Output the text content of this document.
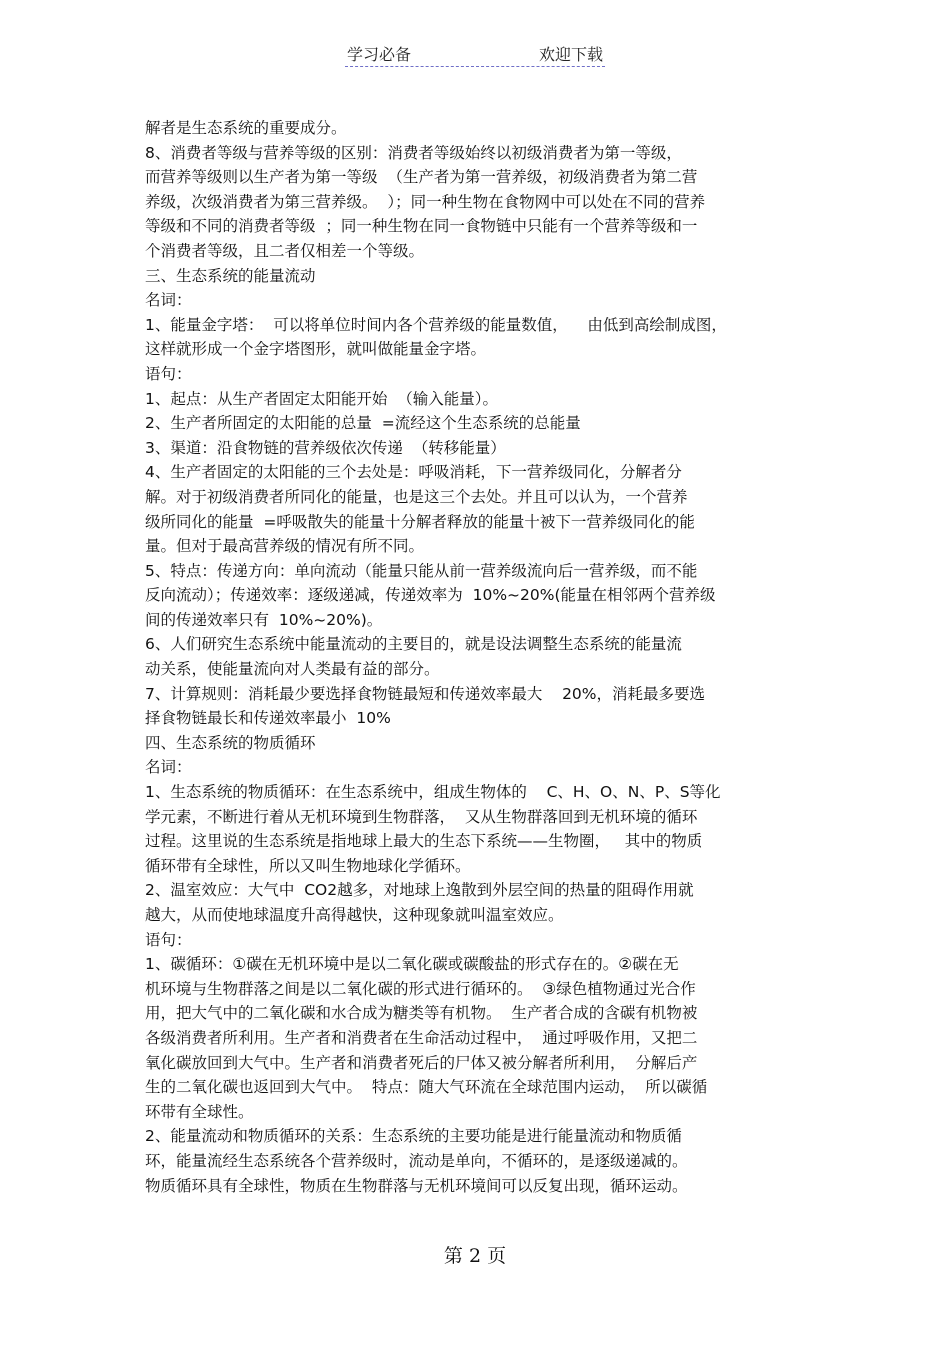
学习必备	欢迎下载
解者是生态系统的重要成分。
8、消费者等级与营养等级的区别：消费者等级始终以初级消费者为第一等级，
而营养等级则以生产者为第一等级  （生产者为第一营养级，初级消费者为第二营
养级，次级消费者为第三营养级。  ）；同一种生物在食物网中可以处在不同的营养
等级和不同的消费者等级  ；同一种生物在同一食物链中只能有一个营养等级和一
个消费者等级，且二者仅相差一个等级。
三、生态系统的能量流动
名词：
1、能量金字塔：  可以将单位时间内各个营养级的能量数值，    由低到高绘制成图，
这样就形成一个金字塔图形，就叫做能量金字塔。
语句：
1、起点：从生产者固定太阳能开始  （输入能量）。
2、生产者所固定的太阳能的总量  =流经这个生态系统的总能量
3、渠道：沿食物链的营养级依次传递  （转移能量）
4、生产者固定的太阳能的三个去处是：呼吸消耗，下一营养级同化，分解者分
解。对于初级消费者所同化的能量，也是这三个去处。并且可以认为，一个营养
级所同化的能量  =呼吸散失的能量十分解者释放的能量十被下一营养级同化的能
量。但对于最高营养级的情况有所不同。
5、特点：传递方向：单向流动（能量只能从前一营养级流向后一营养级，而不能
反向流动）；传递效率：逐级递减，传递效率为  10%~20%(能量在相邻两个营养级
间的传递效率只有  10%~20%)。
6、人们研究生态系统中能量流动的主要目的，就是设法调整生态系统的能量流
动关系，使能量流向对人类最有益的部分。
7、计算规则：消耗最少要选择食物链最短和传递效率最大    20%，消耗最多要选
择食物链最长和传递效率最小  10%
四、生态系统的物质循环
名词：
1、生态系统的物质循环：在生态系统中，组成生物体的    C、H、O、N、P、S等化
学元素，不断进行着从无机环境到生物群落，  又从生物群落回到无机环境的循环
过程。这里说的生态系统是指地球上最大的生态下系统——生物圈，   其中的物质
循环带有全球性，所以又叫生物地球化学循环。
2、温室效应：大气中  CO2越多，对地球上逸散到外层空间的热量的阻碍作用就
越大，从而使地球温度升高得越快，这种现象就叫温室效应。
语句：
1、碳循环：①碳在无机环境中是以二氧化碳或碳酸盐的形式存在的。②碳在无
机环境与生物群落之间是以二氧化碳的形式进行循环的。  ③绿色植物通过光合作
用，把大气中的二氧化碳和水合成为糖类等有机物。  生产者合成的含碳有机物被
各级消费者所利用。生产者和消费者在生命活动过程中，  通过呼吸作用，又把二
氧化碳放回到大气中。生产者和消费者死后的尸体又被分解者所利用，  分解后产
生的二氧化碳也返回到大气中。  特点：随大气环流在全球范围内运动，  所以碳循
环带有全球性。
2、能量流动和物质循环的关系：生态系统的主要功能是进行能量流动和物质循
环，能量流经生态系统各个营养级时，流动是单向，不循环的，是逐级递减的。
物质循环具有全球性，物质在生物群落与无机环境间可以反复出现，循环运动。
第 2 页
